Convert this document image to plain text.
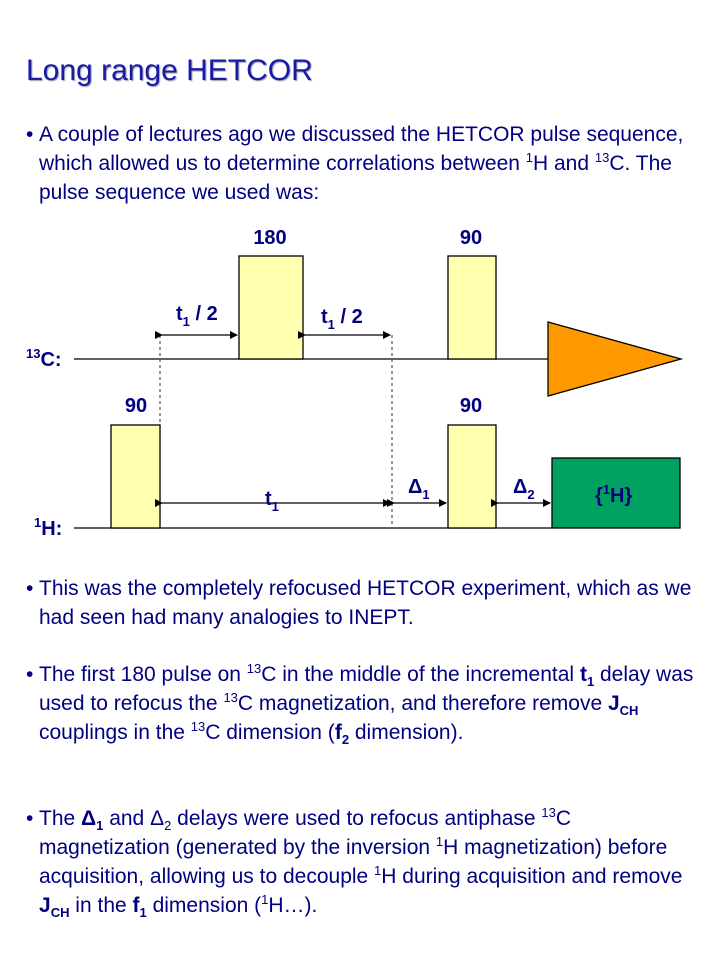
Long range HETCOR
• A couple of lectures ago we discussed the HETCOR pulse sequence, which allowed us to determine correlations between $^1$H and $^{13}$C. The pulse sequence we used was:
180	90
90	90
$^{13}$C:
$^1$H:
$t_1 / 2$	$t_1 / 2$
$t_1$
$\Delta_1$	$\Delta_2$	{$^1$H}
• This was the completely refocused HETCOR experiment, which as we had seen had many analogies to INEPT.
• The first 180 pulse on $^{13}$C in the middle of the incremental $t_1$ delay was used to refocus the $^{13}$C magnetization, and therefore remove $J_{CH}$ couplings in the $^{13}$C dimension ($f_2$ dimension).
• The $\Delta_1$ and $\Delta_2$ delays were used to refocus antiphase $^{13}$C magnetization (generated by the inversion $^1$H magnetization) before acquisition, allowing us to decouple $^1$H during acquisition and remove $J_{CH}$ in the $f_1$ dimension ($^1$H…).
